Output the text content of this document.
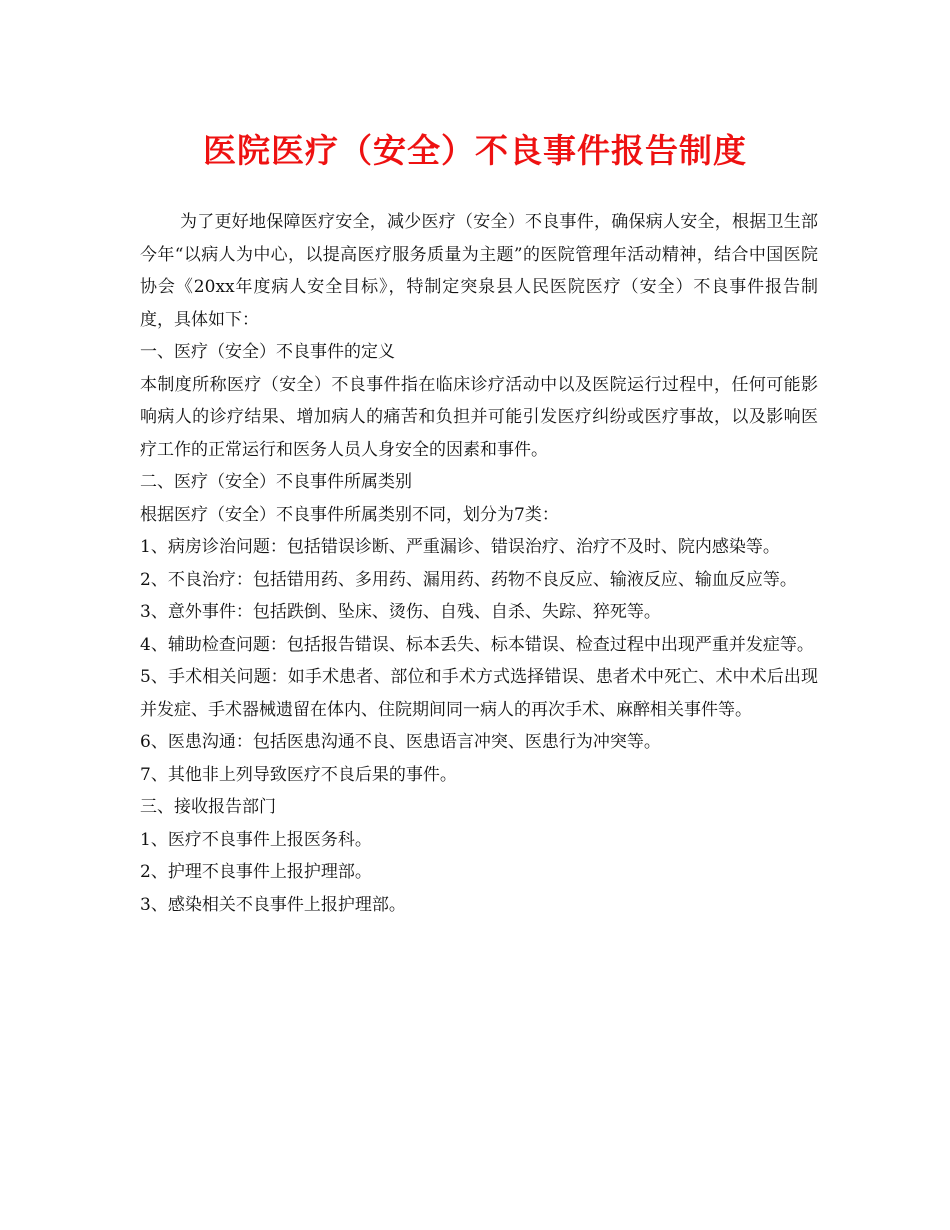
医院医疗（安全）不良事件报告制度

为了更好地保障医疗安全，减少医疗（安全）不良事件，确保病人安全，根据卫生部今年“以病人为中心，以提高医疗服务质量为主题”的医院管理年活动精神，结合中国医院协会《20xx年度病人安全目标》，特制定突泉县人民医院医疗（安全）不良事件报告制度，具体如下：

一、医疗（安全）不良事件的定义

本制度所称医疗（安全）不良事件指在临床诊疗活动中以及医院运行过程中，任何可能影响病人的诊疗结果、增加病人的痛苦和负担并可能引发医疗纠纷或医疗事故，以及影响医疗工作的正常运行和医务人员人身安全的因素和事件。

二、医疗（安全）不良事件所属类别

根据医疗（安全）不良事件所属类别不同，划分为7类：

1、病房诊治问题：包括错误诊断、严重漏诊、错误治疗、治疗不及时、院内感染等。

2、不良治疗：包括错用药、多用药、漏用药、药物不良反应、输液反应、输血反应等。

3、意外事件：包括跌倒、坠床、烫伤、自残、自杀、失踪、猝死等。

4、辅助检查问题：包括报告错误、标本丢失、标本错误、检查过程中出现严重并发症等。

5、手术相关问题：如手术患者、部位和手术方式选择错误、患者术中死亡、术中术后出现并发症、手术器械遗留在体内、住院期间同一病人的再次手术、麻醉相关事件等。

6、医患沟通：包括医患沟通不良、医患语言冲突、医患行为冲突等。

7、其他非上列导致医疗不良后果的事件。

三、接收报告部门

1、医疗不良事件上报医务科。

2、护理不良事件上报护理部。

3、感染相关不良事件上报护理部。
